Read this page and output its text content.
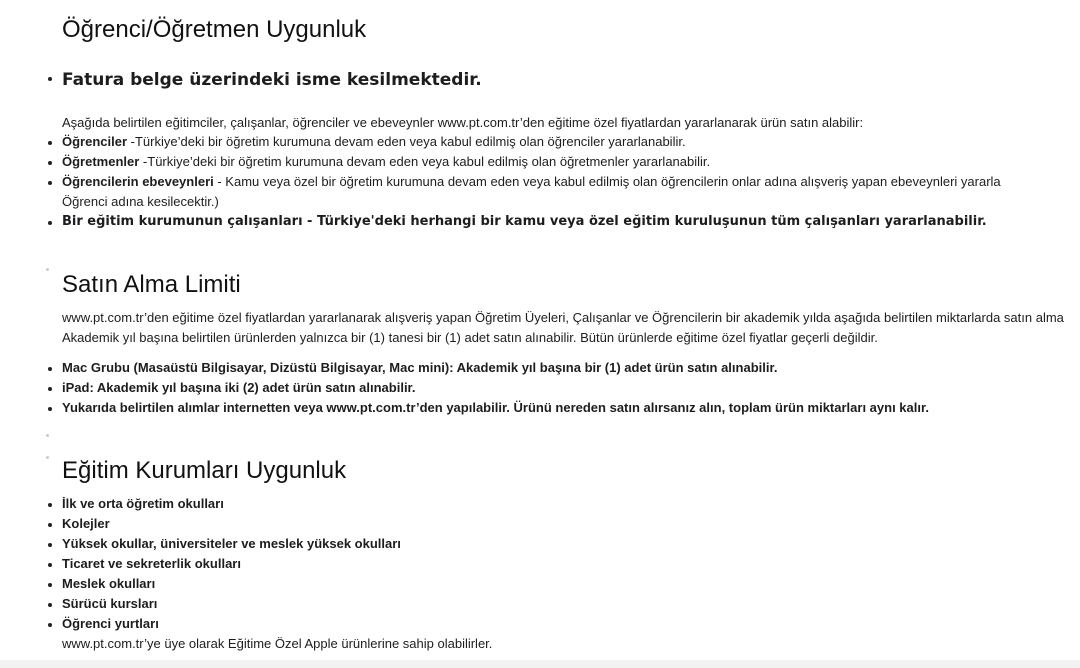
Öğrenci/Öğretmen Uygunluk
Fatura belge üzerindeki isme kesilmektedir.
Aşağıda belirtilen eğitimciler, çalışanlar, öğrenciler ve ebeveynler www.pt.com.tr’den eğitime özel fiyatlardan yararlanarak ürün satın alabilir:
Öğrenciler -Türkiye’deki bir öğretim kurumuna devam eden veya kabul edilmiş olan öğrenciler yararlanabilir.
Öğretmenler -Türkiye’deki bir öğretim kurumuna devam eden veya kabul edilmiş olan öğretmenler yararlanabilir.
Öğrencilerin ebeveynleri - Kamu veya özel bir öğretim kurumuna devam eden veya kabul edilmiş olan öğrencilerin onlar adına alışveriş yapan ebeveynleri yararla
Öğrenci adına kesilecektir.)
Bir eğitim kurumunun çalışanları - Türkiye'deki herhangi bir kamu veya özel eğitim kuruluşunun tüm çalışanları yararlanabilir.
Satın Alma Limiti
www.pt.com.tr’den eğitime özel fiyatlardan yararlanarak alışveriş yapan Öğretim Üyeleri, Çalışanlar ve Öğrencilerin bir akademik yılda aşağıda belirtilen miktarlarda satın alma
Akademik yıl başına belirtilen ürünlerden yalnızca bir (1) tanesi bir (1) adet satın alınabilir. Bütün ürünlerde eğitime özel fiyatlar geçerli değildir.
Mac Grubu (Masaüstü Bilgisayar, Dizüstü Bilgisayar, Mac mini): Akademik yıl başına bir (1) adet ürün satın alınabilir.
iPad: Akademik yıl başına iki (2) adet ürün satın alınabilir.
Yukarıda belirtilen alımlar internetten veya www.pt.com.tr’den yapılabilir. Ürünü nereden satın alırsanız alın, toplam ürün miktarları aynı kalır.
Eğitim Kurumları Uygunluk
İlk ve orta öğretim okulları
Kolejler
Yüksek okullar, üniversiteler ve meslek yüksek okulları
Ticaret ve sekreterlik okulları
Meslek okulları
Sürücü kursları
Öğrenci yurtları
www.pt.com.tr’ye üye olarak Eğitime Özel Apple ürünlerine sahip olabilirler.
